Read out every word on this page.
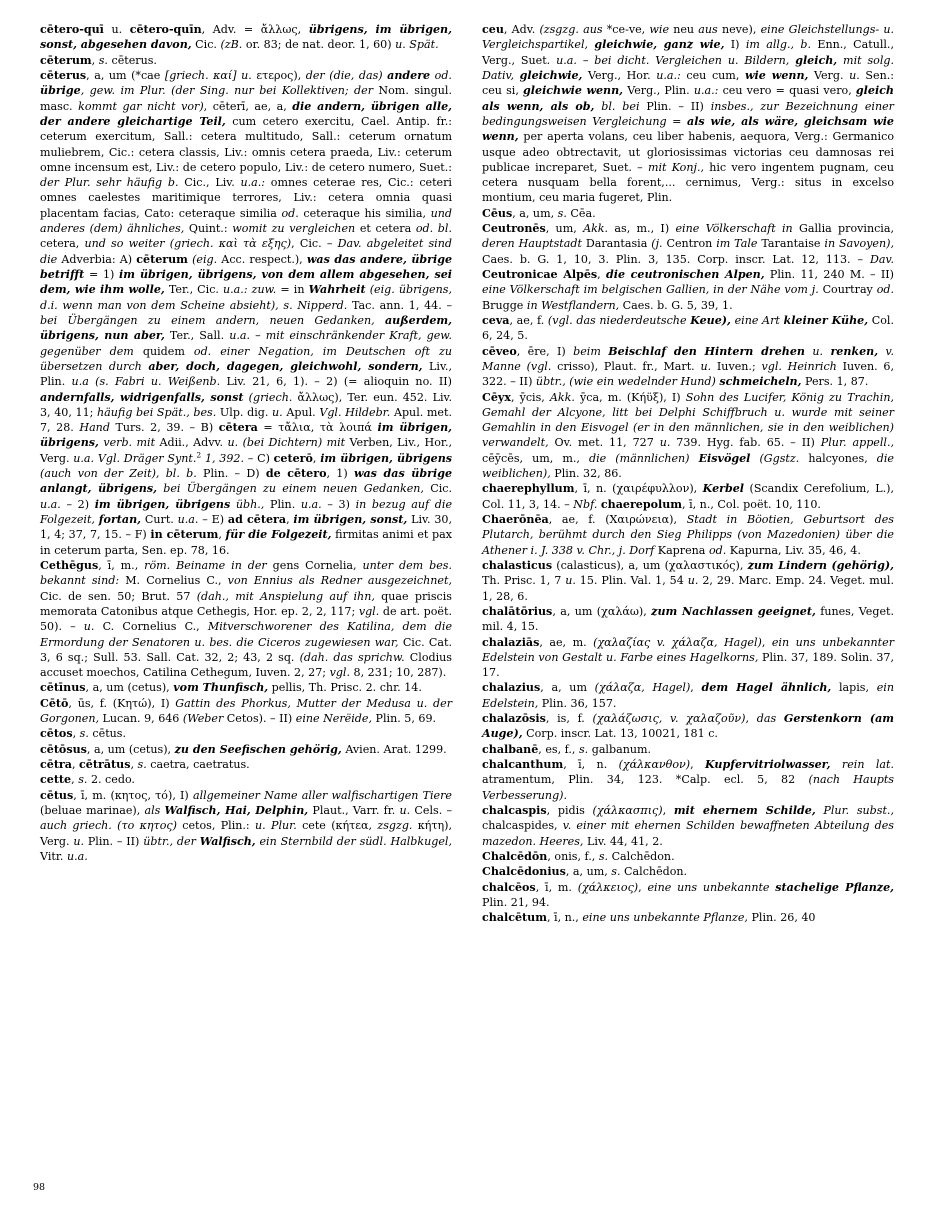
cētero-quī u. cētero-quīn, Adv. = ἄλλως, übrigens, im übrigen, sonst, abgesehen davon, Cic. (zB. or. 83; de nat. deor. 1, 60) u. Spät.

cēterum, s. cēterus.

cēterus, a, um (*cae [griech. καί] u. ετερος), der (die, das) andere od. übrige, gew. im Plur. (der Sing. nur bei Kollektiven; der Nom. singul. masc. kommt gar nicht vor), cēterī, ae, a, die andern, übrigen alle, der andere gleichartige Teil, cum cetero exercitu, Cael. Antip. fr.: ceterum exercitum, Sall.: cetera multitudo, Sall.: ceterum ornatum muliebrem, Cic.: cetera classis, Liv.: omnis cetera praeda, Liv.: ceterum omne incensum est, Liv.: de cetero populo, Liv.: de cetero numero, Suet.: der Plur. sehr häufig b. Cic., Liv. u.a.: omnes ceterae res, Cic.: ceteri omnes caelestes maritimique terrores, Liv.: cetera omnia quasi placentam facias, Cato: ceteraque similia od. ceteraque his similia, und anderes (dem) ähnliches, Quint.: womit zu vergleichen et cetera od. bl. cetera, und so weiter (griech. καὶ τὰ εξης), Cic. – Dav. abgeleitet sind die Adverbia: A) cēterum (eig. Acc. respect.), was das andere, übrige betrifft = 1) im übrigen, übrigens, von dem allem abgesehen, sei dem, wie ihm wolle, Ter., Cic. u.a.: zuw. = in Wahrheit (eig. übrigens, d.i. wenn man von dem Scheine absieht), s. Nipperd. Tac. ann. 1, 44. – bei Übergängen zu einem andern, neuen Gedanken, außerdem, übrigens, nun aber, Ter., Sall. u.a. – mit einschränkender Kraft, gew. gegenüber dem quidem od. einer Negation, im Deutschen oft zu übersetzen durch aber, doch, dagegen, gleichwohl, sondern, Liv., Plin. u.a (s. Fabri u. Weißenb. Liv. 21, 6, 1). – 2) (= alioquin no. II) andernfalls, widrigenfalls, sonst (griech. ἄλλως), Ter. eun. 452. Liv. 3, 40, 11; häufig bei Spät., bes. Ulp. dig. u. Apul. Vgl. Hildebr. Apul. met. 7, 28. Hand Turs. 2, 39. – B) cētera = τἄλια, τὰ λοιπά im übrigen, übrigens, verb. mit Adii., Advv. u. (bei Dichtern) mit Verben, Liv., Hor., Verg. u.a. Vgl. Dräger Synt.$^2$ 1, 392. – C) ceterō, im übrigen, übrigens (auch von der Zeit), bl. b. Plin. – D) de cētero, 1) was das übrige anlangt, übrigens, bei Übergängen zu einem neuen Gedanken, Cic. u.a. – 2) im übrigen, übrigens übh., Plin. u.a. – 3) in bezug auf die Folgezeit, fortan, Curt. u.a. – E) ad cētera, im übrigen, sonst, Liv. 30, 1, 4; 37, 7, 15. – F) in cēterum, für die Folgezeit, firmitas animi et pax in ceterum parta, Sen. ep. 78, 16.

Cethēgus, ī, m., röm. Beiname in der gens Cornelia, unter dem bes. bekannt sind: M. Cornelius C., von Ennius als Redner ausgezeichnet, Cic. de sen. 50; Brut. 57 (dah., mit Anspielung auf ihn, quae priscis memorata Catonibus atque Cethegis, Hor. ep. 2, 2, 117; vgl. de art. poët. 50). – u. C. Cornelius C., Mitverschworener des Katilina, dem die Ermordung der Senatoren u. bes. die Ciceros zugewiesen war, Cic. Cat. 3, 6 sq.; Sull. 53. Sall. Cat. 32, 2; 43, 2 sq. (dah. das sprichw. Clodius accuset moechos, Catilina Cethegum, Iuven. 2, 27; vgl. 8, 231; 10, 287).

cētīnus, a, um (cetus), vom Thunfisch, pellis, Th. Prisc. 2. chr. 14.

Cētō, ūs, f. (Κητώ), I) Gattin des Phorkus, Mutter der Medusa u. der Gorgonen, Lucan. 9, 646 (Weber Cetos). – II) eine Nerëide, Plin. 5, 69.

cētos, s. cētus.

cētōsus, a, um (cetus), zu den Seefischen gehörig, Avien. Arat. 1299.

cētra, cētrātus, s. caetra, caetratus.

cette, s. 2. cedo.

cētus, ī, m. (κητος, τό), I) allgemeiner Name aller walfischartigen Tiere (beluae marinae), als Walfisch, Hai, Delphin, Plaut., Varr. fr. u. Cels. – auch griech. (το κητος) cetos, Plin.: u. Plur. cete (κήτεα, zsgzg. κήτη), Verg. u. Plin. – II) übtr., der Walfisch, ein Sternbild der südl. Halbkugel, Vitr. u.a.

ceu, Adv. (zsgzg. aus *ce-ve, wie neu aus neve), eine Gleichstellungs- u. Vergleichspartikel, gleichwie, ganz wie, I) im allg., b. Enn., Catull., Verg., Suet. u.a. – bei dicht. Vergleichen u. Bildern, gleich, mit solg. Dativ, gleichwie, Verg., Hor. u.a.: ceu cum, wie wenn, Verg. u. Sen.: ceu si, gleichwie wenn, Verg., Plin. u.a.: ceu vero = quasi vero, gleich als wenn, als ob, bl. bei Plin. – II) insbes., zur Bezeichnung einer bedingungsweisen Vergleichung = als wie, als wäre, gleichsam wie wenn, per aperta volans, ceu liber habenis, aequora, Verg.: Germanico usque adeo obtrectavit, ut gloriosissimas victorias ceu damnosas rei publicae increparet, Suet. – mit Konj., hic vero ingentem pugnam, ceu cetera nusquam bella forent,... cernimus, Verg.: situs in excelso montium, ceu maria fugeret, Plin.

Cēus, a, um, s. Cēa.

Ceutronēs, um, Akk. as, m., I) eine Völkerschaft in Gallia provincia, deren Hauptstadt Darantasia (j. Centron im Tale Tarantaise in Savoyen), Caes. b. G. 1, 10, 3. Plin. 3, 135. Corp. inscr. Lat. 12, 113. – Dav. Ceutronicae Alpēs, die ceutronischen Alpen, Plin. 11, 240 M. – II) eine Völkerschaft im belgischen Gallien, in der Nähe vom j. Courtray od. Brugge in Westflandern, Caes. b. G. 5, 39, 1.

ceva, ae, f. (vgl. das niederdeutsche Keue), eine Art kleiner Kühe, Col. 6, 24, 5.

cēveo, ēre, I) beim Beischlaf den Hintern drehen u. renken, v. Manne (vgl. crisso), Plaut. fr., Mart. u. Iuven.; vgl. Heinrich Iuven. 6, 322. – II) übtr., (wie ein wedelnder Hund) schmeicheln, Pers. 1, 87.

Cēyx, ȳcis, Akk. ȳca, m. (Κήϋξ), I) Sohn des Lucifer, König zu Trachin, Gemahl der Alcyone, litt bei Delphi Schiffbruch u. wurde mit seiner Gemahlin in den Eisvogel (er in den männlichen, sie in den weiblichen) verwandelt, Ov. met. 11, 727 u. 739. Hyg. fab. 65. – II) Plur. appell., cēȳcēs, um, m., die (männlichen) Eisvögel (Ggstz. halcyones, die weiblichen), Plin. 32, 86.

chaerephyllum, ī, n. (χαιρέφυλλον), Kerbel (Scandix Cerefolium, L.), Col. 11, 3, 14. – Nbf. chaerepolum, ī, n., Col. poët. 10, 110.

Chaerōnēa, ae, f. (Χαιρώνεια), Stadt in Böotien, Geburtsort des Plutarch, berühmt durch den Sieg Philipps (von Mazedonien) über die Athener i. J. 338 v. Chr., j. Dorf Kaprena od. Kapurna, Liv. 35, 46, 4.

chalasticus (calasticus), a, um (χαλαστικός), zum Lindern (gehörig), Th. Prisc. 1, 7 u. 15. Plin. Val. 1, 54 u. 2, 29. Marc. Emp. 24. Veget. mul. 1, 28, 6.

chalātōrius, a, um (χαλάω), zum Nachlassen geeignet, funes, Veget. mil. 4, 15.

chalaziās, ae, m. (χαλαζίας v. χάλαζα, Hagel), ein uns unbekannter Edelstein von Gestalt u. Farbe eines Hagelkorns, Plin. 37, 189. Solin. 37, 17.

chalazius, a, um (χάλαζα, Hagel), dem Hagel ähnlich, lapis, ein Edelstein, Plin. 36, 157.

chalazōsis, is, f. (χαλάζωσις, v. χαλαζοῦν), das Gerstenkorn (am Auge), Corp. inscr. Lat. 13, 10021, 181 c.

chalbanē, es, f., s. galbanum.

chalcanthum, ī, n. (χάλκανθον), Kupfervitriolwasser, rein lat. atramentum, Plin. 34, 123. *Calp. ecl. 5, 82 (nach Haupts Verbesserung).

chalcaspis, pidis (χάλκασπις), mit ehernem Schilde, Plur. subst., chalcaspides, v. einer mit ehernen Schilden bewaffneten Abteilung des mazedon. Heeres, Liv. 44, 41, 2.

Chalcēdōn, onis, f., s. Calchēdon.

Chalcēdonius, a, um, s. Calchēdon.

chalcēos, ī, m. (χάλκειος), eine uns unbekannte stachelige Pflanze, Plin. 21, 94.

chalcētum, ī, n., eine uns unbekannte Pflanze, Plin. 26, 40

98
